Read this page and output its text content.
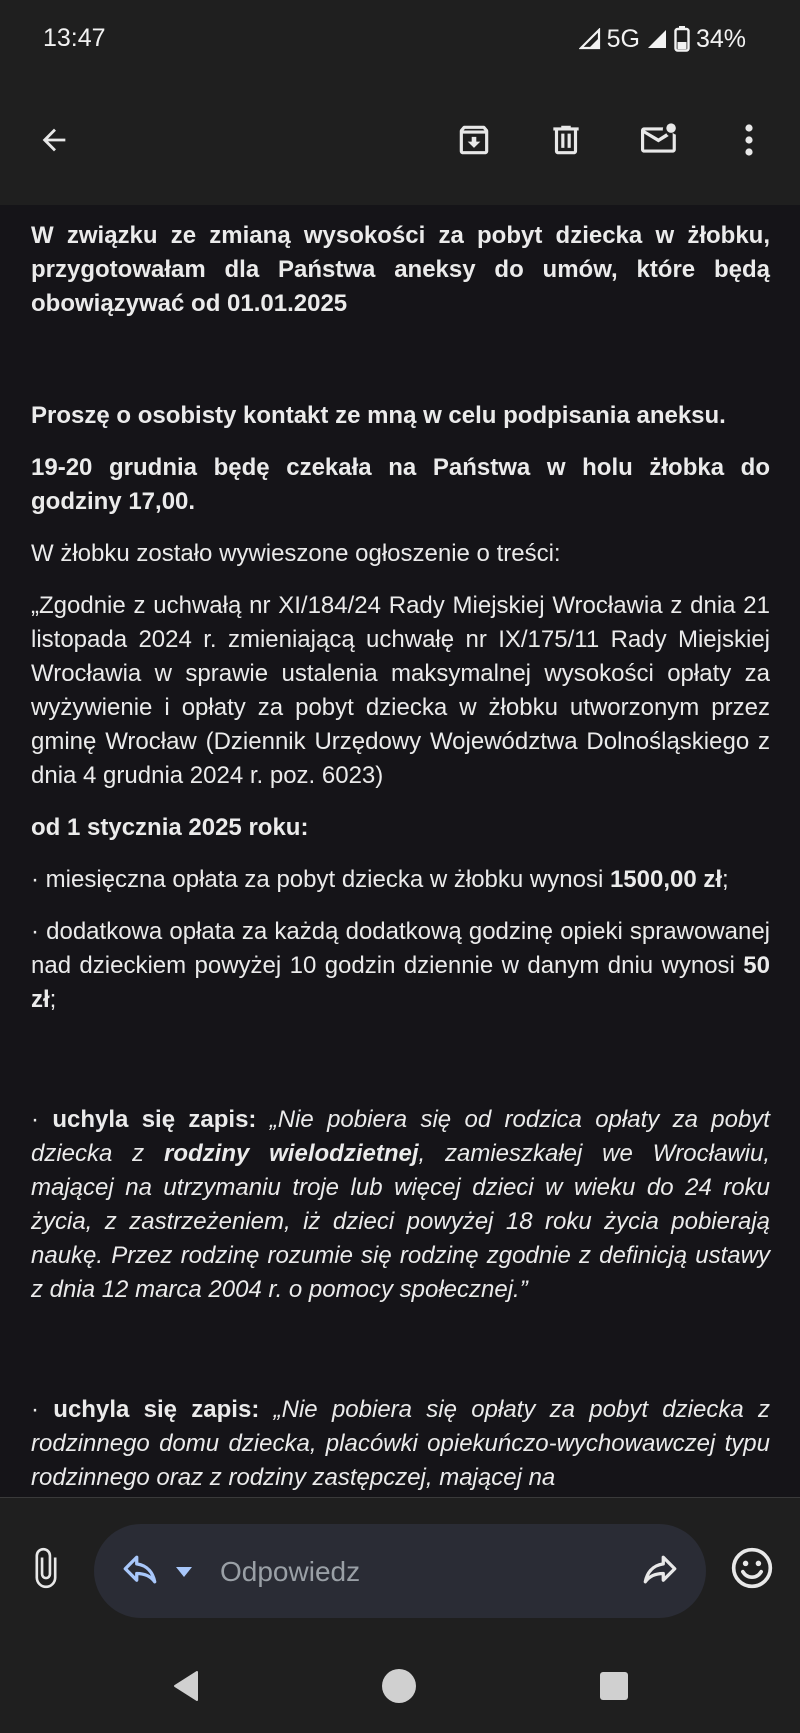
13:47	5G 34%

W związku ze zmianą wysokości za pobyt dziecka w żłobku, przygotowałam dla Państwa aneksy do umów, które będą obowiązywać od 01.01.2025

Proszę o osobisty kontakt ze mną w celu podpisania aneksu.

19-20 grudnia będę czekała na Państwa w holu żłobka do godziny 17,00.

W żłobku zostało wywieszone ogłoszenie o treści:

„Zgodnie z uchwałą nr XI/184/24 Rady Miejskiej Wrocławia z dnia 21 listopada 2024 r. zmieniającą uchwałę nr IX/175/11 Rady Miejskiej Wrocławia w sprawie ustalenia maksymalnej wysokości opłaty za wyżywienie i opłaty za pobyt dziecka w żłobku utworzonym przez gminę Wrocław (Dziennik Urzędowy Województwa Dolnośląskiego z dnia 4 grudnia 2024 r. poz. 6023)

od 1 stycznia 2025 roku:

· miesięczna opłata za pobyt dziecka w żłobku wynosi 1500,00 zł;

· dodatkowa opłata za każdą dodatkową godzinę opieki sprawowanej nad dzieckiem powyżej 10 godzin dziennie w danym dniu wynosi 50 zł;

· uchyla się zapis: „Nie pobiera się od rodzica opłaty za pobyt dziecka z rodziny wielodzietnej, zamieszkałej we Wrocławiu, mającej na utrzymaniu troje lub więcej dzieci w wieku do 24 roku życia, z zastrzeżeniem, iż dzieci powyżej 18 roku życia pobierają naukę. Przez rodzinę rozumie się rodzinę zgodnie z definicją ustawy z dnia 12 marca 2004 r. o pomocy społecznej.”

· uchyla się zapis: „Nie pobiera się opłaty za pobyt dziecka z rodzinnego domu dziecka, placówki opiekuńczo-wychowawczej typu rodzinnego oraz z rodziny zastępczej, mającej na

Odpowiedz
